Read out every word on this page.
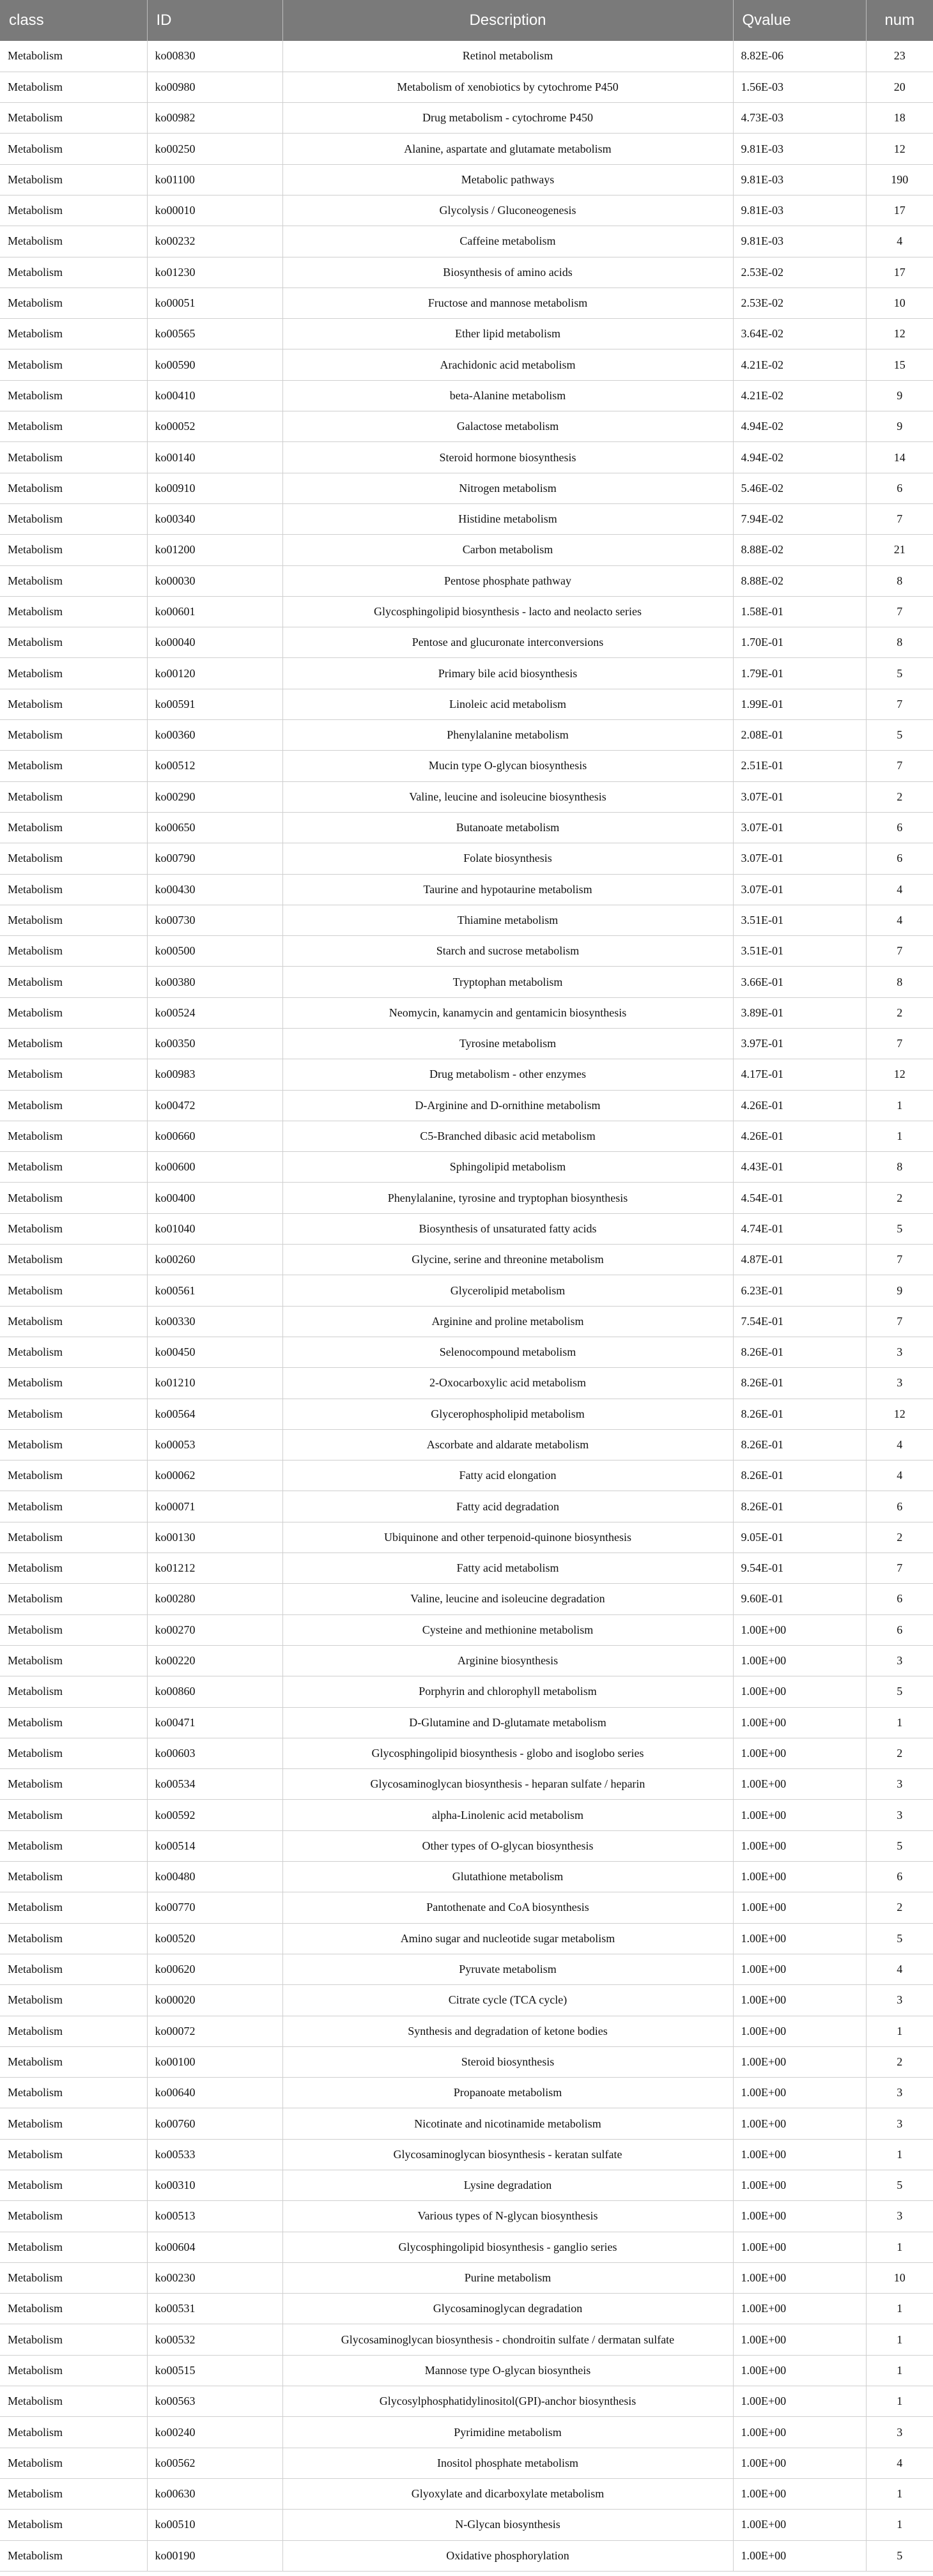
class	ID	Description	Qvalue	num
Metabolism	ko00830	Retinol metabolism	8.82E-06	23
Metabolism	ko00980	Metabolism of xenobiotics by cytochrome P450	1.56E-03	20
Metabolism	ko00982	Drug metabolism - cytochrome P450	4.73E-03	18
Metabolism	ko00250	Alanine, aspartate and glutamate metabolism	9.81E-03	12
Metabolism	ko01100	Metabolic pathways	9.81E-03	190
Metabolism	ko00010	Glycolysis / Gluconeogenesis	9.81E-03	17
Metabolism	ko00232	Caffeine metabolism	9.81E-03	4
Metabolism	ko01230	Biosynthesis of amino acids	2.53E-02	17
Metabolism	ko00051	Fructose and mannose metabolism	2.53E-02	10
Metabolism	ko00565	Ether lipid metabolism	3.64E-02	12
Metabolism	ko00590	Arachidonic acid metabolism	4.21E-02	15
Metabolism	ko00410	beta-Alanine metabolism	4.21E-02	9
Metabolism	ko00052	Galactose metabolism	4.94E-02	9
Metabolism	ko00140	Steroid hormone biosynthesis	4.94E-02	14
Metabolism	ko00910	Nitrogen metabolism	5.46E-02	6
Metabolism	ko00340	Histidine metabolism	7.94E-02	7
Metabolism	ko01200	Carbon metabolism	8.88E-02	21
Metabolism	ko00030	Pentose phosphate pathway	8.88E-02	8
Metabolism	ko00601	Glycosphingolipid biosynthesis - lacto and neolacto series	1.58E-01	7
Metabolism	ko00040	Pentose and glucuronate interconversions	1.70E-01	8
Metabolism	ko00120	Primary bile acid biosynthesis	1.79E-01	5
Metabolism	ko00591	Linoleic acid metabolism	1.99E-01	7
Metabolism	ko00360	Phenylalanine metabolism	2.08E-01	5
Metabolism	ko00512	Mucin type O-glycan biosynthesis	2.51E-01	7
Metabolism	ko00290	Valine, leucine and isoleucine biosynthesis	3.07E-01	2
Metabolism	ko00650	Butanoate metabolism	3.07E-01	6
Metabolism	ko00790	Folate biosynthesis	3.07E-01	6
Metabolism	ko00430	Taurine and hypotaurine metabolism	3.07E-01	4
Metabolism	ko00730	Thiamine metabolism	3.51E-01	4
Metabolism	ko00500	Starch and sucrose metabolism	3.51E-01	7
Metabolism	ko00380	Tryptophan metabolism	3.66E-01	8
Metabolism	ko00524	Neomycin, kanamycin and gentamicin biosynthesis	3.89E-01	2
Metabolism	ko00350	Tyrosine metabolism	3.97E-01	7
Metabolism	ko00983	Drug metabolism - other enzymes	4.17E-01	12
Metabolism	ko00472	D-Arginine and D-ornithine metabolism	4.26E-01	1
Metabolism	ko00660	C5-Branched dibasic acid metabolism	4.26E-01	1
Metabolism	ko00600	Sphingolipid metabolism	4.43E-01	8
Metabolism	ko00400	Phenylalanine, tyrosine and tryptophan biosynthesis	4.54E-01	2
Metabolism	ko01040	Biosynthesis of unsaturated fatty acids	4.74E-01	5
Metabolism	ko00260	Glycine, serine and threonine metabolism	4.87E-01	7
Metabolism	ko00561	Glycerolipid metabolism	6.23E-01	9
Metabolism	ko00330	Arginine and proline metabolism	7.54E-01	7
Metabolism	ko00450	Selenocompound metabolism	8.26E-01	3
Metabolism	ko01210	2-Oxocarboxylic acid metabolism	8.26E-01	3
Metabolism	ko00564	Glycerophospholipid metabolism	8.26E-01	12
Metabolism	ko00053	Ascorbate and aldarate metabolism	8.26E-01	4
Metabolism	ko00062	Fatty acid elongation	8.26E-01	4
Metabolism	ko00071	Fatty acid degradation	8.26E-01	6
Metabolism	ko00130	Ubiquinone and other terpenoid-quinone biosynthesis	9.05E-01	2
Metabolism	ko01212	Fatty acid metabolism	9.54E-01	7
Metabolism	ko00280	Valine, leucine and isoleucine degradation	9.60E-01	6
Metabolism	ko00270	Cysteine and methionine metabolism	1.00E+00	6
Metabolism	ko00220	Arginine biosynthesis	1.00E+00	3
Metabolism	ko00860	Porphyrin and chlorophyll metabolism	1.00E+00	5
Metabolism	ko00471	D-Glutamine and D-glutamate metabolism	1.00E+00	1
Metabolism	ko00603	Glycosphingolipid biosynthesis - globo and isoglobo series	1.00E+00	2
Metabolism	ko00534	Glycosaminoglycan biosynthesis - heparan sulfate / heparin	1.00E+00	3
Metabolism	ko00592	alpha-Linolenic acid metabolism	1.00E+00	3
Metabolism	ko00514	Other types of O-glycan biosynthesis	1.00E+00	5
Metabolism	ko00480	Glutathione metabolism	1.00E+00	6
Metabolism	ko00770	Pantothenate and CoA biosynthesis	1.00E+00	2
Metabolism	ko00520	Amino sugar and nucleotide sugar metabolism	1.00E+00	5
Metabolism	ko00620	Pyruvate metabolism	1.00E+00	4
Metabolism	ko00020	Citrate cycle (TCA cycle)	1.00E+00	3
Metabolism	ko00072	Synthesis and degradation of ketone bodies	1.00E+00	1
Metabolism	ko00100	Steroid biosynthesis	1.00E+00	2
Metabolism	ko00640	Propanoate metabolism	1.00E+00	3
Metabolism	ko00760	Nicotinate and nicotinamide metabolism	1.00E+00	3
Metabolism	ko00533	Glycosaminoglycan biosynthesis - keratan sulfate	1.00E+00	1
Metabolism	ko00310	Lysine degradation	1.00E+00	5
Metabolism	ko00513	Various types of N-glycan biosynthesis	1.00E+00	3
Metabolism	ko00604	Glycosphingolipid biosynthesis - ganglio series	1.00E+00	1
Metabolism	ko00230	Purine metabolism	1.00E+00	10
Metabolism	ko00531	Glycosaminoglycan degradation	1.00E+00	1
Metabolism	ko00532	Glycosaminoglycan biosynthesis - chondroitin sulfate / dermatan sulfate	1.00E+00	1
Metabolism	ko00515	Mannose type O-glycan biosyntheis	1.00E+00	1
Metabolism	ko00563	Glycosylphosphatidylinositol(GPI)-anchor biosynthesis	1.00E+00	1
Metabolism	ko00240	Pyrimidine metabolism	1.00E+00	3
Metabolism	ko00562	Inositol phosphate metabolism	1.00E+00	4
Metabolism	ko00630	Glyoxylate and dicarboxylate metabolism	1.00E+00	1
Metabolism	ko00510	N-Glycan biosynthesis	1.00E+00	1
Metabolism	ko00190	Oxidative phosphorylation	1.00E+00	5
